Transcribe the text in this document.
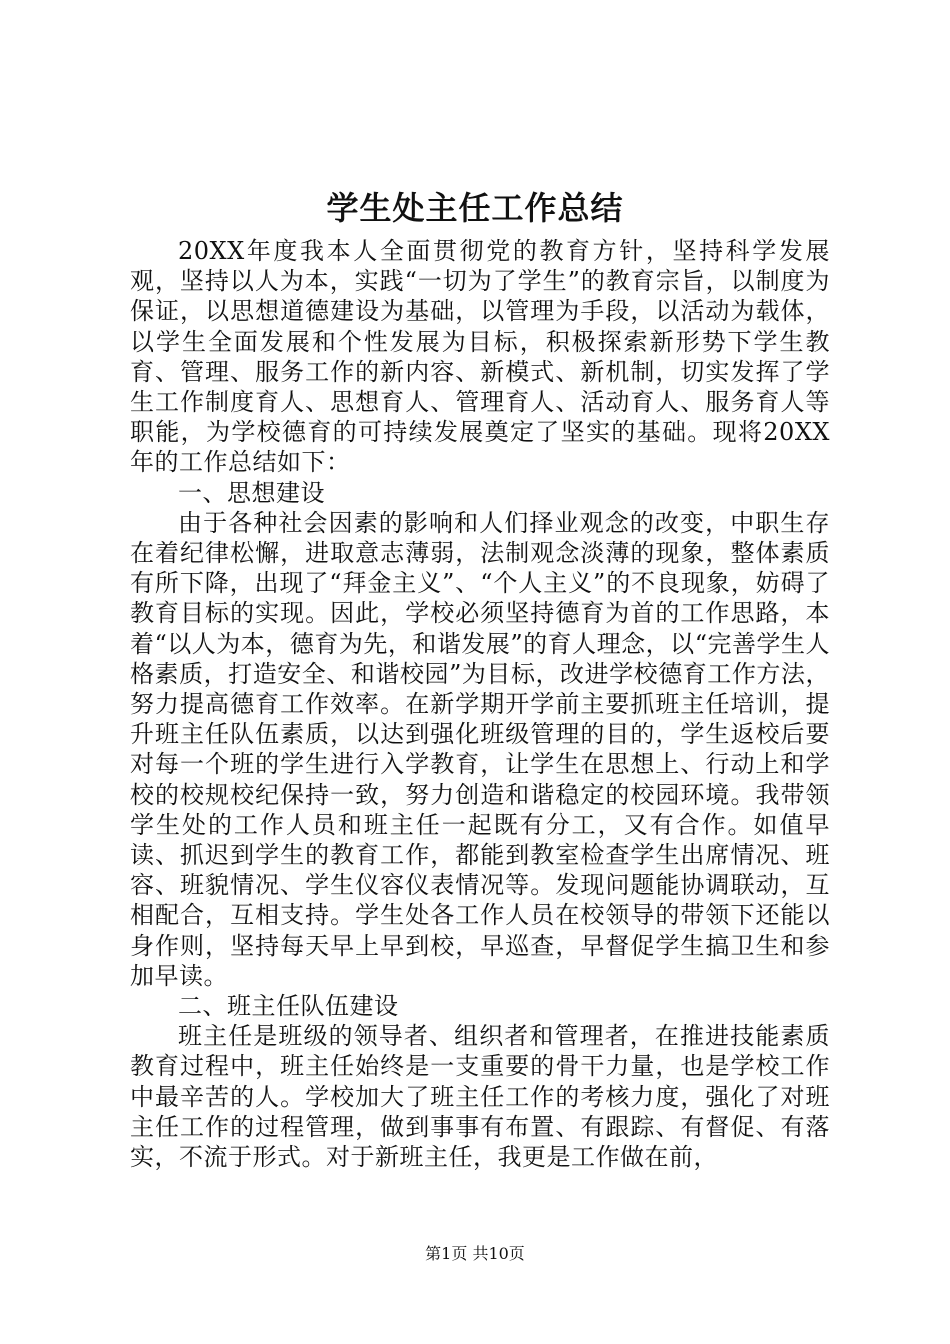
学生处主任工作总结

20XX年度我本人全面贯彻党的教育方针，坚持科学发展观，坚持以人为本，实践“一切为了学生”的教育宗旨，以制度为保证，以思想道德建设为基础，以管理为手段，以活动为载体，以学生全面发展和个性发展为目标，积极探索新形势下学生教育、管理、服务工作的新内容、新模式、新机制，切实发挥了学生工作制度育人、思想育人、管理育人、活动育人、服务育人等职能，为学校德育的可持续发展奠定了坚实的基础。现将20XX年的工作总结如下：

一、思想建设

由于各种社会因素的影响和人们择业观念的改变，中职生存在着纪律松懈，进取意志薄弱，法制观念淡薄的现象，整体素质有所下降，出现了“拜金主义”、“个人主义”的不良现象，妨碍了教育目标的实现。因此，学校必须坚持德育为首的工作思路，本着“以人为本，德育为先，和谐发展”的育人理念，以“完善学生人格素质，打造安全、和谐校园”为目标，改进学校德育工作方法，努力提高德育工作效率。在新学期开学前主要抓班主任培训，提升班主任队伍素质，以达到强化班级管理的目的，学生返校后要对每一个班的学生进行入学教育，让学生在思想上、行动上和学校的校规校纪保持一致，努力创造和谐稳定的校园环境。我带领学生处的工作人员和班主任一起既有分工，又有合作。如值早读、抓迟到学生的教育工作，都能到教室检查学生出席情况、班容、班貌情况、学生仪容仪表情况等。发现问题能协调联动，互相配合，互相支持。学生处各工作人员在校领导的带领下还能以身作则，坚持每天早上早到校，早巡查，早督促学生搞卫生和参加早读。

二、班主任队伍建设

班主任是班级的领导者、组织者和管理者，在推进技能素质教育过程中，班主任始终是一支重要的骨干力量，也是学校工作中最辛苦的人。学校加大了班主任工作的考核力度，强化了对班主任工作的过程管理，做到事事有布置、有跟踪、有督促、有落实，不流于形式。对于新班主任，我更是工作做在前，

第1页 共10页
